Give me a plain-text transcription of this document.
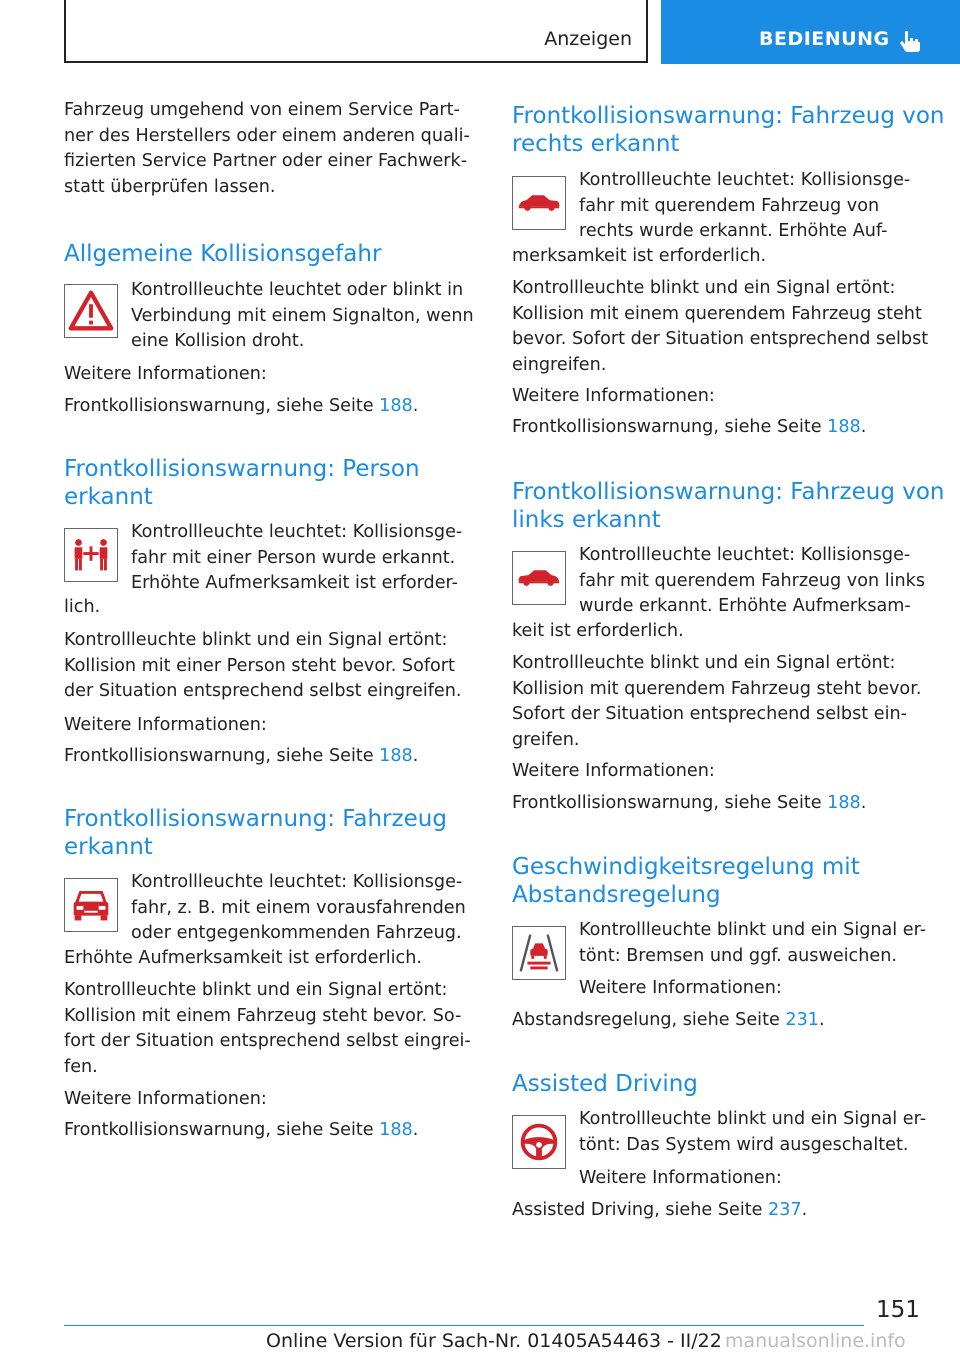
Anzeigen	BEDIENUNG

Fahrzeug umgehend von einem Service Part-
ner des Herstellers oder einem anderen quali-
fizierten Service Partner oder einer Fachwerk-
statt überprüfen lassen.

Allgemeine Kollisionsgefahr

Kontrollleuchte leuchtet oder blinkt in
Verbindung mit einem Signalton, wenn
eine Kollision droht.

Weitere Informationen:

Frontkollisionswarnung, siehe Seite 188.

Frontkollisionswarnung: Person
erkannt

Kontrollleuchte leuchtet: Kollisionsge-
fahr mit einer Person wurde erkannt.
Erhöhte Aufmerksamkeit ist erforder-

lich.

Kontrollleuchte blinkt und ein Signal ertönt:
Kollision mit einer Person steht bevor. Sofort
der Situation entsprechend selbst eingreifen.

Weitere Informationen:

Frontkollisionswarnung, siehe Seite 188.

Frontkollisionswarnung: Fahrzeug
erkannt

Kontrollleuchte leuchtet: Kollisionsge-
fahr, z. B. mit einem vorausfahrenden
oder entgegenkommenden Fahrzeug.

Erhöhte Aufmerksamkeit ist erforderlich.

Kontrollleuchte blinkt und ein Signal ertönt:
Kollision mit einem Fahrzeug steht bevor. So-
fort der Situation entsprechend selbst eingrei-
fen.

Weitere Informationen:

Frontkollisionswarnung, siehe Seite 188.

Frontkollisionswarnung: Fahrzeug von
rechts erkannt

Kontrollleuchte leuchtet: Kollisionsge-
fahr mit querendem Fahrzeug von
rechts wurde erkannt. Erhöhte Auf-

merksamkeit ist erforderlich.

Kontrollleuchte blinkt und ein Signal ertönt:
Kollision mit einem querendem Fahrzeug steht
bevor. Sofort der Situation entsprechend selbst
eingreifen.

Weitere Informationen:

Frontkollisionswarnung, siehe Seite 188.

Frontkollisionswarnung: Fahrzeug von
links erkannt

Kontrollleuchte leuchtet: Kollisionsge-
fahr mit querendem Fahrzeug von links
wurde erkannt. Erhöhte Aufmerksam-

keit ist erforderlich.

Kontrollleuchte blinkt und ein Signal ertönt:
Kollision mit querendem Fahrzeug steht bevor.
Sofort der Situation entsprechend selbst ein-
greifen.

Weitere Informationen:

Frontkollisionswarnung, siehe Seite 188.

Geschwindigkeitsregelung mit
Abstandsregelung

Kontrollleuchte blinkt und ein Signal er-
tönt: Bremsen und ggf. ausweichen.

Weitere Informationen:

Abstandsregelung, siehe Seite 231.

Assisted Driving

Kontrollleuchte blinkt und ein Signal er-
tönt: Das System wird ausgeschaltet.

Weitere Informationen:

Assisted Driving, siehe Seite 237.

151
Online Version für Sach-Nr. 01405A54463 - II/22 manualsonline.info
